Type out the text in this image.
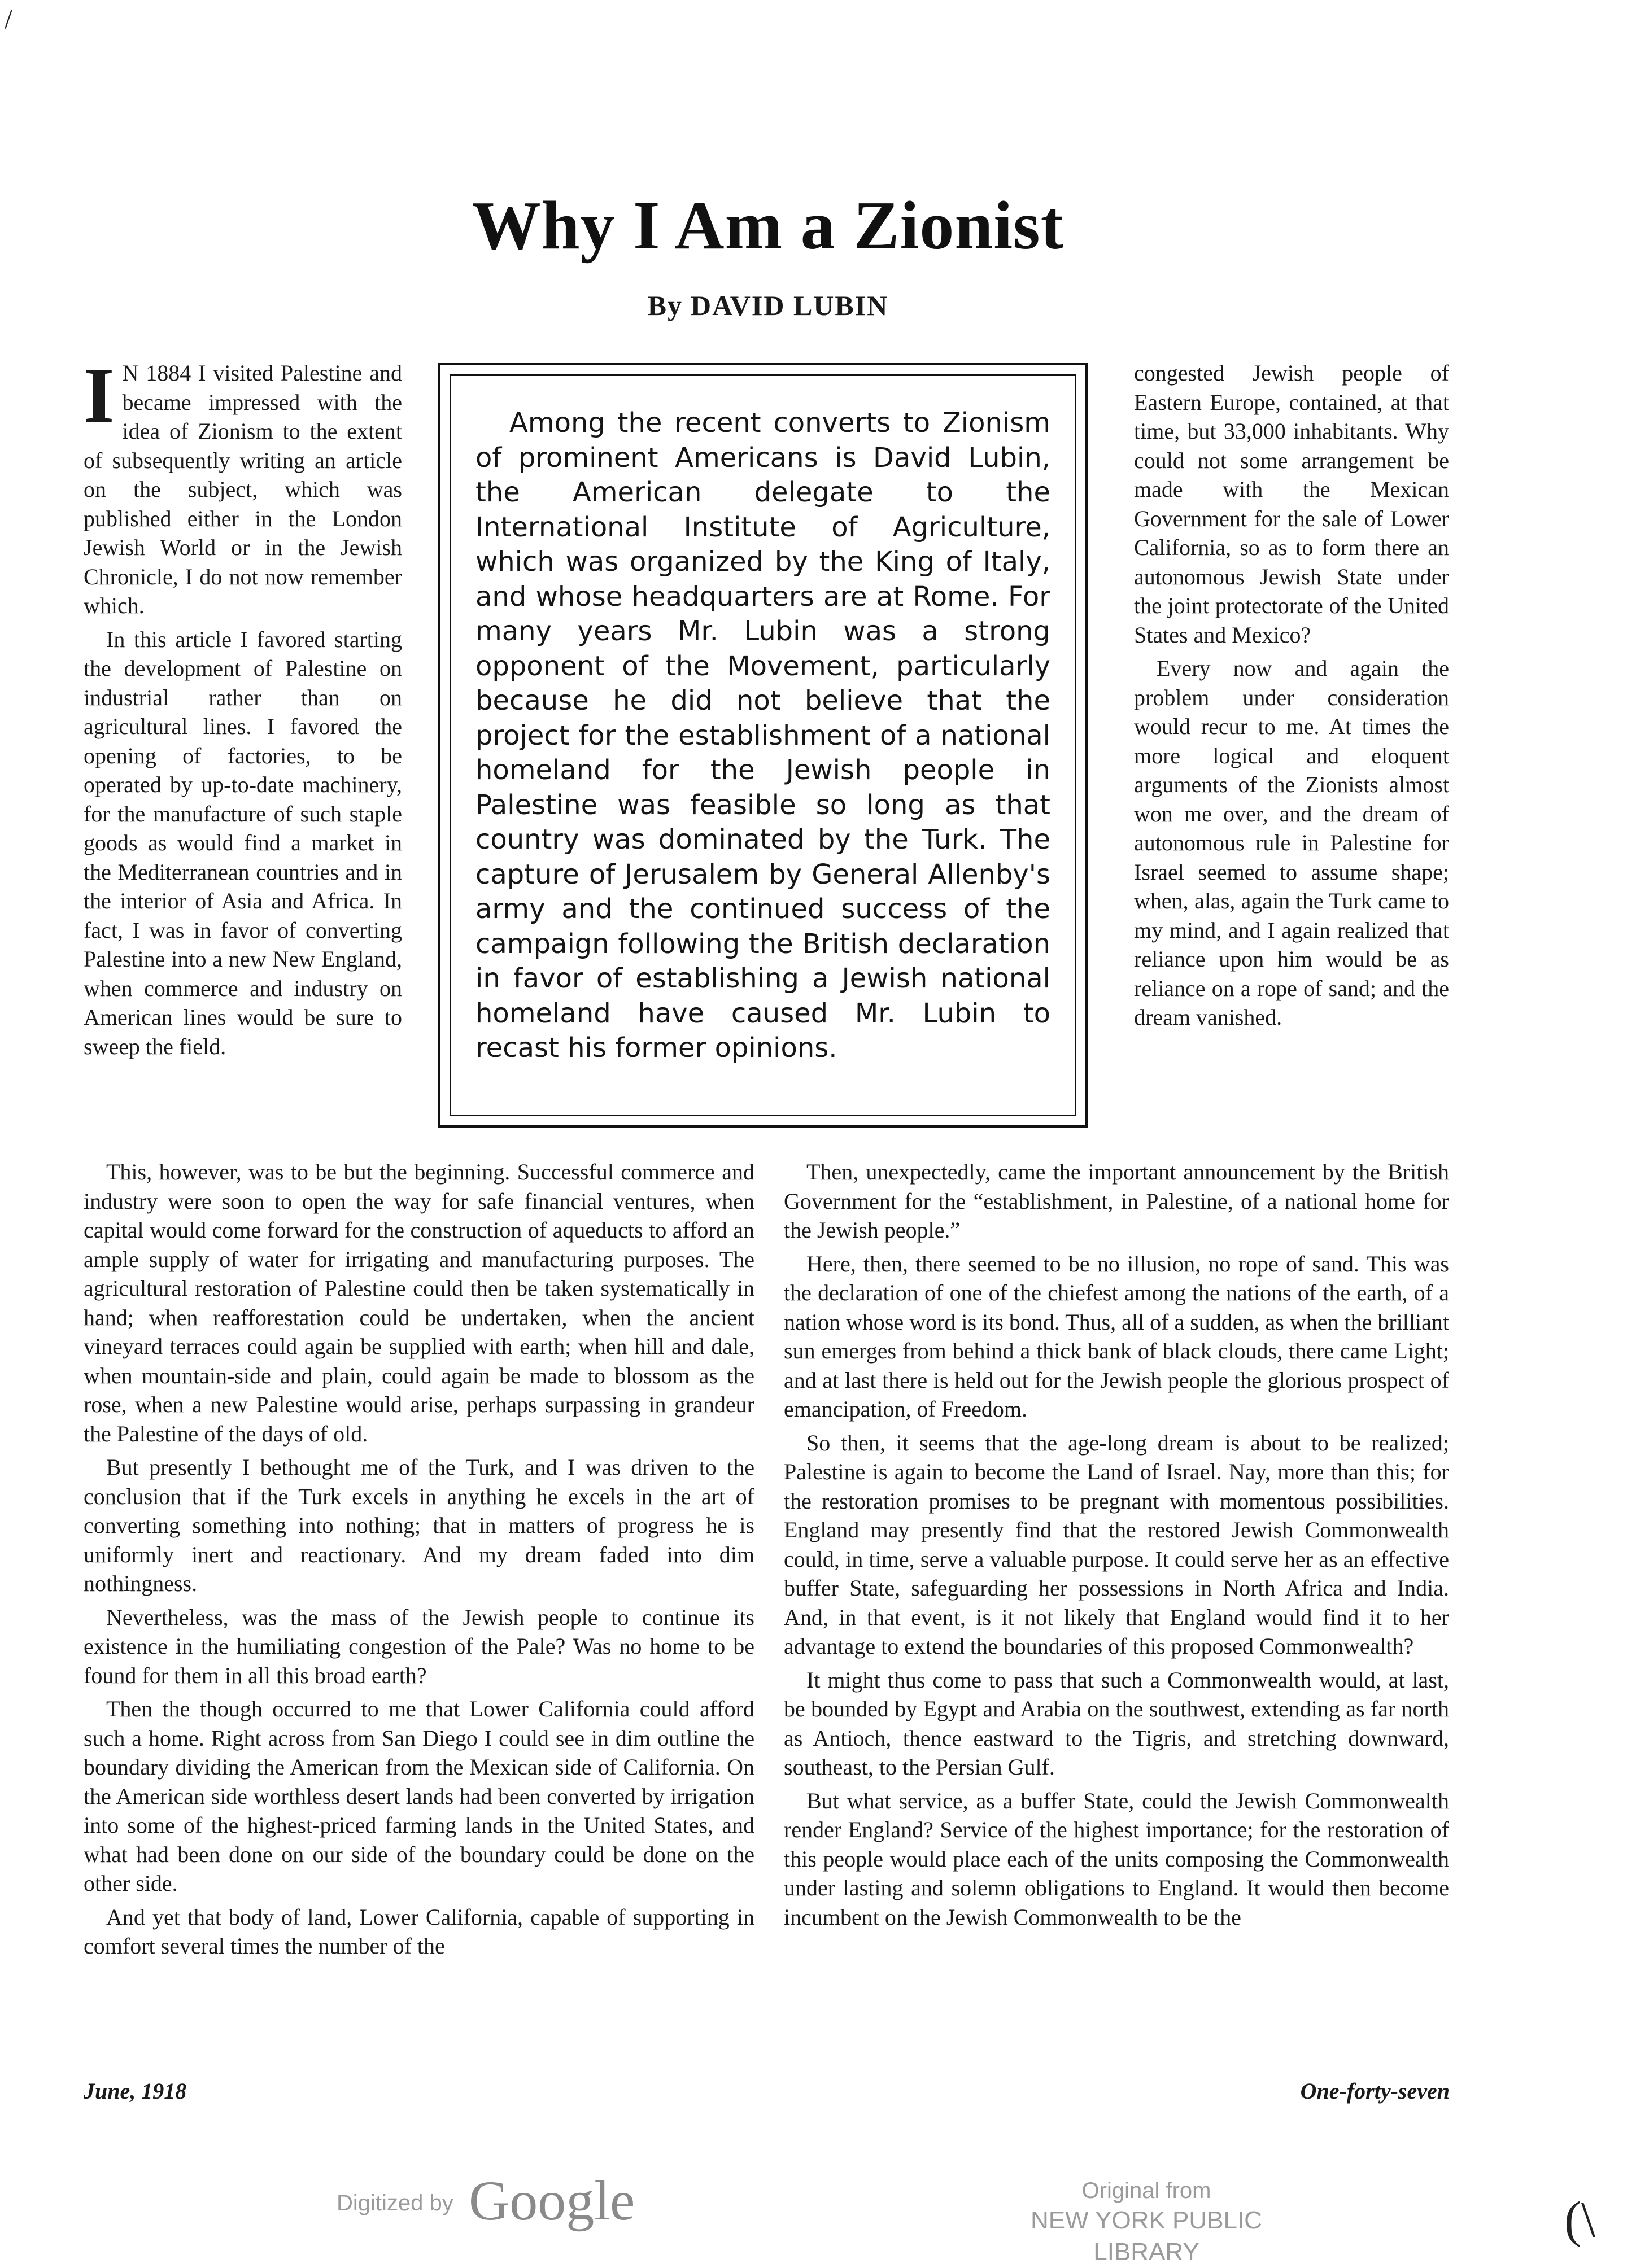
/
Why I Am a Zionist
By DAVID LUBIN

I N 1884 I visited Palestine and became impressed with the idea of Zionism to the extent of subsequently writing an article on the subject, which was published either in the London Jewish World or in the Jewish Chronicle, I do not now remember which.

In this article I favored starting the development of Palestine on industrial rather than on agricultural lines. I favored the opening of factories, to be operated by up-to-date machinery, for the manufacture of such staple goods as would find a market in the Mediterranean countries and in the interior of Asia and Africa. In fact, I was in favor of converting Palestine into a new New England, when commerce and industry on American lines would be sure to sweep the field.

Among the recent converts to Zionism of prominent Americans is David Lubin, the American delegate to the International Institute of Agriculture, which was organized by the King of Italy, and whose headquarters are at Rome. For many years Mr. Lubin was a strong opponent of the Movement, particularly because he did not believe that the project for the establishment of a national homeland for the Jewish people in Palestine was feasible so long as that country was dominated by the Turk. The capture of Jerusalem by General Allenby's army and the continued success of the campaign following the British declaration in favor of establishing a Jewish national homeland have caused Mr. Lubin to recast his former opinions.

congested Jewish people of Eastern Europe, contained, at that time, but 33,000 inhabitants. Why could not some arrangement be made with the Mexican Government for the sale of Lower California, so as to form there an autonomous Jewish State under the joint protectorate of the United States and Mexico?

Every now and again the problem under consideration would recur to me. At times the more logical and eloquent arguments of the Zionists almost won me over, and the dream of autonomous rule in Palestine for Israel seemed to assume shape; when, alas, again the Turk came to my mind, and I again realized that reliance upon him would be as reliance on a rope of sand; and the dream vanished.

This, however, was to be but the beginning. Successful commerce and industry were soon to open the way for safe financial ventures, when capital would come forward for the construction of aqueducts to afford an ample supply of water for irrigating and manufacturing purposes. The agricultural restoration of Palestine could then be taken systematically in hand; when reafforestation could be undertaken, when the ancient vineyard terraces could again be supplied with earth; when hill and dale, when mountain-side and plain, could again be made to blossom as the rose, when a new Palestine would arise, perhaps surpassing in grandeur the Palestine of the days of old.

But presently I bethought me of the Turk, and I was driven to the conclusion that if the Turk excels in anything he excels in the art of converting something into nothing; that in matters of progress he is uniformly inert and reactionary. And my dream faded into dim nothingness.

Nevertheless, was the mass of the Jewish people to continue its existence in the humiliating congestion of the Pale? Was no home to be found for them in all this broad earth?

Then the though occurred to me that Lower California could afford such a home. Right across from San Diego I could see in dim outline the boundary dividing the American from the Mexican side of California. On the American side worthless desert lands had been converted by irrigation into some of the highest-priced farming lands in the United States, and what had been done on our side of the boundary could be done on the other side.

And yet that body of land, Lower California, capable of supporting in comfort several times the number of the

Then, unexpectedly, came the important announcement by the British Government for the “establishment, in Palestine, of a national home for the Jewish people.”

Here, then, there seemed to be no illusion, no rope of sand. This was the declaration of one of the chiefest among the nations of the earth, of a nation whose word is its bond. Thus, all of a sudden, as when the brilliant sun emerges from behind a thick bank of black clouds, there came Light; and at last there is held out for the Jewish people the glorious prospect of emancipation, of Freedom.

So then, it seems that the age-long dream is about to be realized; Palestine is again to become the Land of Israel. Nay, more than this; for the restoration promises to be pregnant with momentous possibilities. England may presently find that the restored Jewish Commonwealth could, in time, serve a valuable purpose. It could serve her as an effective buffer State, safeguarding her possessions in North Africa and India. And, in that event, is it not likely that England would find it to her advantage to extend the boundaries of this proposed Commonwealth?

It might thus come to pass that such a Commonwealth would, at last, be bounded by Egypt and Arabia on the southwest, extending as far north as Antioch, thence eastward to the Tigris, and stretching downward, southeast, to the Persian Gulf.

But what service, as a buffer State, could the Jewish Commonwealth render England? Service of the highest importance; for the restoration of this people would place each of the units composing the Commonwealth under lasting and solemn obligations to England. It would then become incumbent on the Jewish Commonwealth to be the

June, 1918	One-forty-seven
Digitized by Google	Original from
NEW YORK PUBLIC LIBRARY
(\
